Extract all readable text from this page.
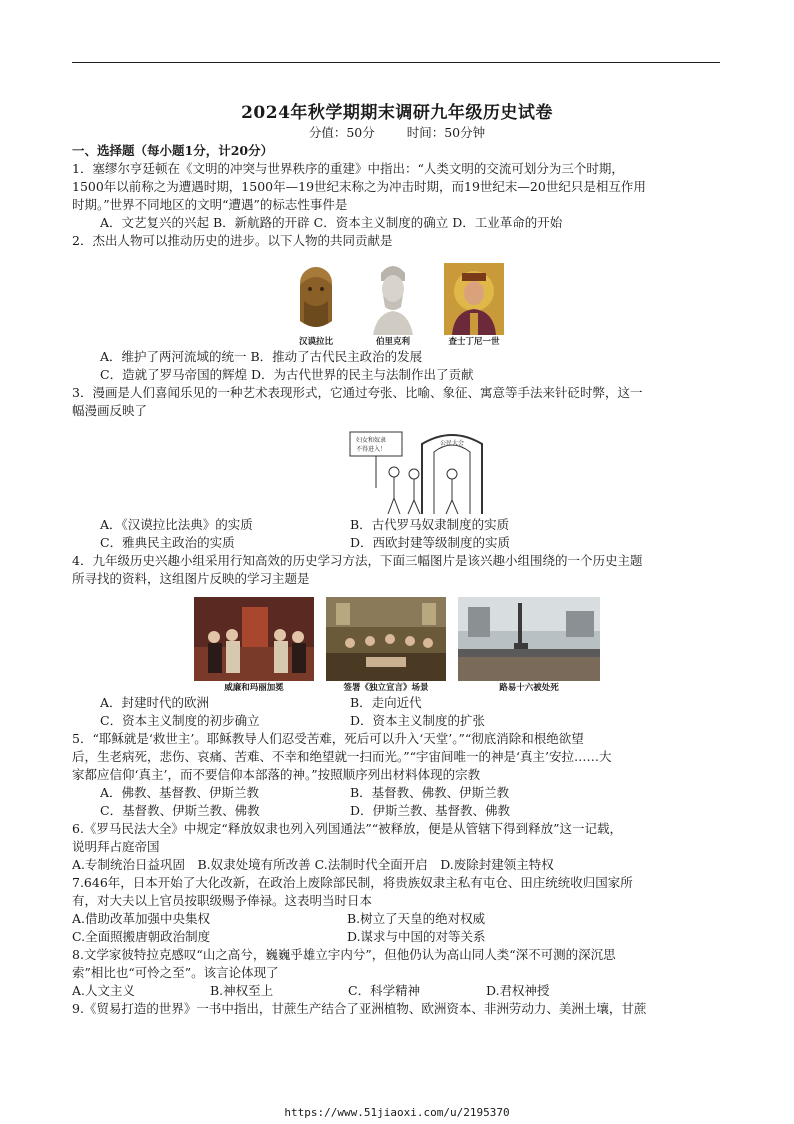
2024年秋学期期末调研九年级历史试卷
分值：50分	时间：50分钟
一、选择题（每小题1分，计20分）
1．塞缪尔亨廷顿在《文明的冲突与世界秩序的重建》中指出：“人类文明的交流可划分为三个时期，
1500年以前称之为遭遇时期，1500年—19世纪末称之为冲击时期，而19世纪末—20世纪只是相互作用
时期。”世界不同地区的文明“遭遇”的标志性事件是
A．文艺复兴的兴起 B．新航路的开辟 C．资本主义制度的确立 D．工业革命的开始
2．杰出人物可以推动历史的进步。以下人物的共同贡献是
汉谟拉比	伯里克利	查士丁尼一世
A．维护了两河流域的统一 B．推动了古代民主政治的发展
C．造就了罗马帝国的辉煌 D．为古代世界的民主与法制作出了贡献
3．漫画是人们喜闻乐见的一种艺术表现形式，它通过夸张、比喻、象征、寓意等手法来针砭时弊，这一
幅漫画反映了
妇女和奴隶
不得进入！
公民大会
A．《汉谟拉比法典》的实质	B．古代罗马奴隶制度的实质
C．雅典民主政治的实质	D．西欧封建等级制度的实质
4．九年级历史兴趣小组采用行知高效的历史学习方法，下面三幅图片是该兴趣小组围绕的一个历史主题
所寻找的资料，这组图片反映的学习主题是
威廉和玛丽加冕	签署《独立宣言》场景	路易十六被处死
A．封建时代的欧洲	B．走向近代
C．资本主义制度的初步确立	D．资本主义制度的扩张
5．“耶稣就是‘救世主’。耶稣教导人们忍受苦难，死后可以升入‘天堂’。”“彻底消除和根绝欲望
后，生老病死，悲伤、哀痛、苦难、不幸和绝望就一扫而光。”“宇宙间唯一的神是‘真主’安拉……大
家都应信仰‘真主’，而不要信仰本部落的神。”按照顺序列出材料体现的宗教
A．佛教、基督教、伊斯兰教	B．基督教、佛教、伊斯兰教
C．基督教、伊斯兰教、佛教	D．伊斯兰教、基督教、佛教
6.《罗马民法大全》中规定“释放奴隶也列入列国通法”“被释放，便是从管辖下得到释放”这一记载，
说明拜占庭帝国
A.专制统治日益巩固　B.奴隶处境有所改善 C.法制时代全面开启　D.废除封建领主特权
7.646年，日本开始了大化改新，在政治上废除部民制，将贵族奴隶主私有屯仓、田庄统统收归国家所
有，对大夫以上官员按职级赐予俸禄。这表明当时日本
A.借助改革加强中央集权	B.树立了天皇的绝对权威
C.全面照搬唐朝政治制度	D.谋求与中国的对等关系
8.文学家彼特拉克感叹“山之高兮，巍巍乎雄立宇内兮”，但他仍认为高山同人类“深不可测的深沉思
索”相比也“可怜之至”。该言论体现了
A.人文主义	B.神权至上	C．科学精神	D.君权神授
9.《贸易打造的世界》一书中指出，甘蔗生产结合了亚洲植物、欧洲资本、非洲劳动力、美洲土壤，甘蔗
https://www.51jiaoxi.com/u/2195370
